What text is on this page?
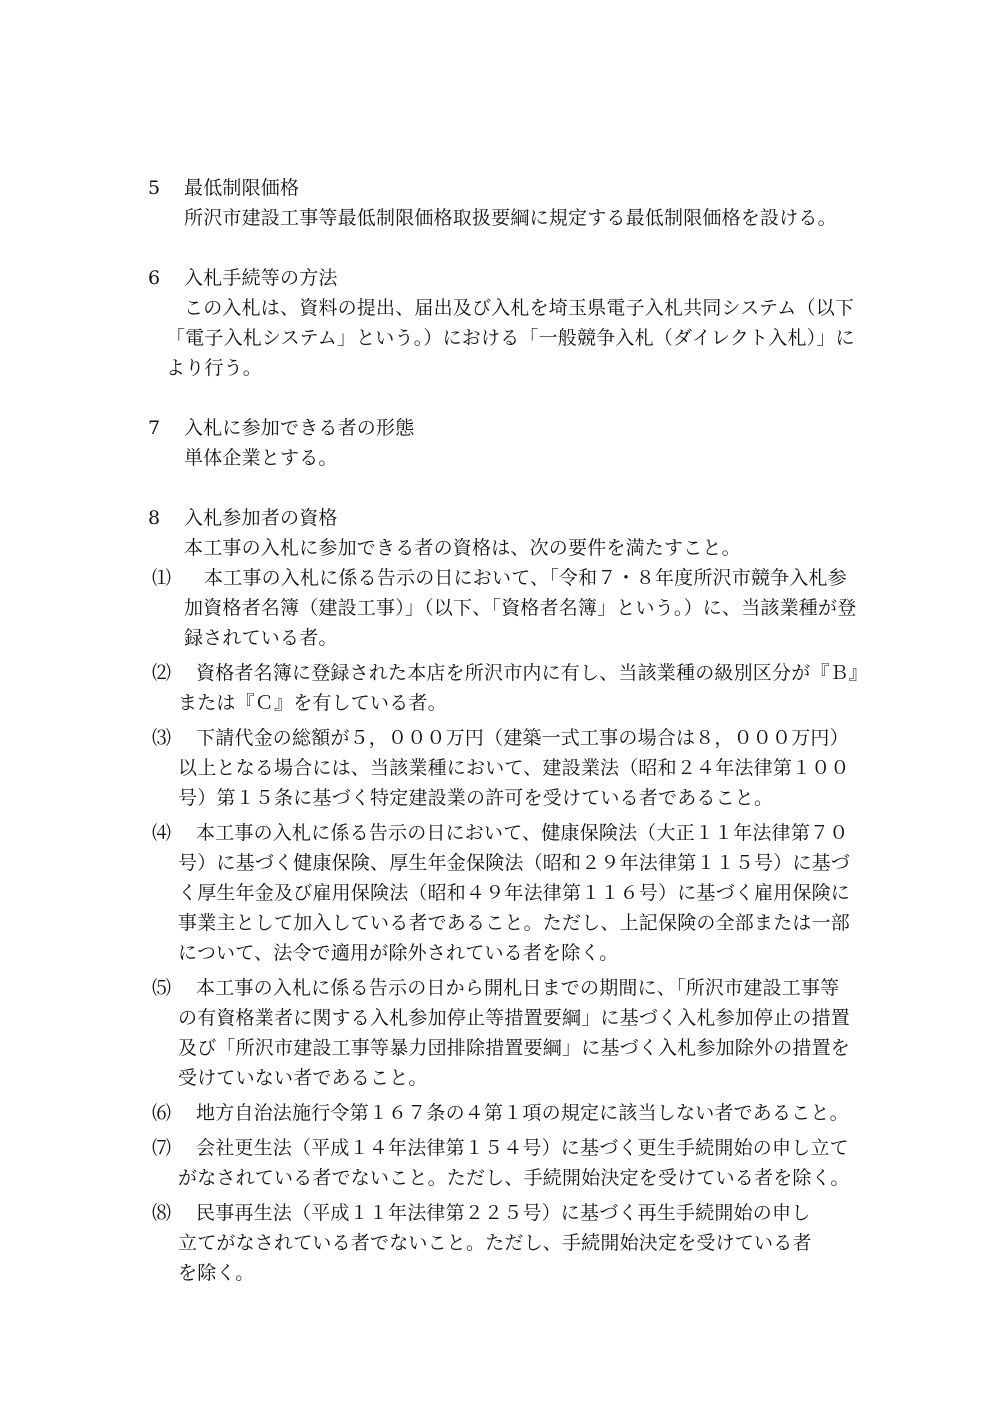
5 最低制限価格
所沢市建設工事等最低制限価格取扱要綱に規定する最低制限価格を設ける。
6 入札手続等の方法
この入札は、資料の提出、届出及び入札を埼玉県電子入札共同システム（以下
「電子入札システム」という。）における「一般競争入札（ダイレクト入札）」に
より行う。
7 入札に参加できる者の形態
単体企業とする。
8 入札参加者の資格
本工事の入札に参加できる者の資格は、次の要件を満たすこと。
⑴ 本工事の入札に係る告示の日において、「令和７・８年度所沢市競争入札参
加資格者名簿（建設工事）」（以下、「資格者名簿」という。）に、当該業種が登
録されている者。
⑵ 資格者名簿に登録された本店を所沢市内に有し、当該業種の級別区分が『Ｂ』
または『Ｃ』を有している者。
⑶ 下請代金の総額が５，０００万円（建築一式工事の場合は８，０００万円）
以上となる場合には、当該業種において、建設業法（昭和２４年法律第１００
号）第１５条に基づく特定建設業の許可を受けている者であること。
⑷ 本工事の入札に係る告示の日において、健康保険法（大正１１年法律第７０
号）に基づく健康保険、厚生年金保険法（昭和２９年法律第１１５号）に基づ
く厚生年金及び雇用保険法（昭和４９年法律第１１６号）に基づく雇用保険に
事業主として加入している者であること。ただし、上記保険の全部または一部
について、法令で適用が除外されている者を除く。
⑸ 本工事の入札に係る告示の日から開札日までの期間に、「所沢市建設工事等
の有資格業者に関する入札参加停止等措置要綱」に基づく入札参加停止の措置
及び「所沢市建設工事等暴力団排除措置要綱」に基づく入札参加除外の措置を
受けていない者であること。
⑹ 地方自治法施行令第１６７条の４第１項の規定に該当しない者であること。
⑺ 会社更生法（平成１４年法律第１５４号）に基づく更生手続開始の申し立て
がなされている者でないこと。ただし、手続開始決定を受けている者を除く。
⑻ 民事再生法（平成１１年法律第２２５号）に基づく再生手続開始の申し
立てがなされている者でないこと。ただし、手続開始決定を受けている者
を除く。
